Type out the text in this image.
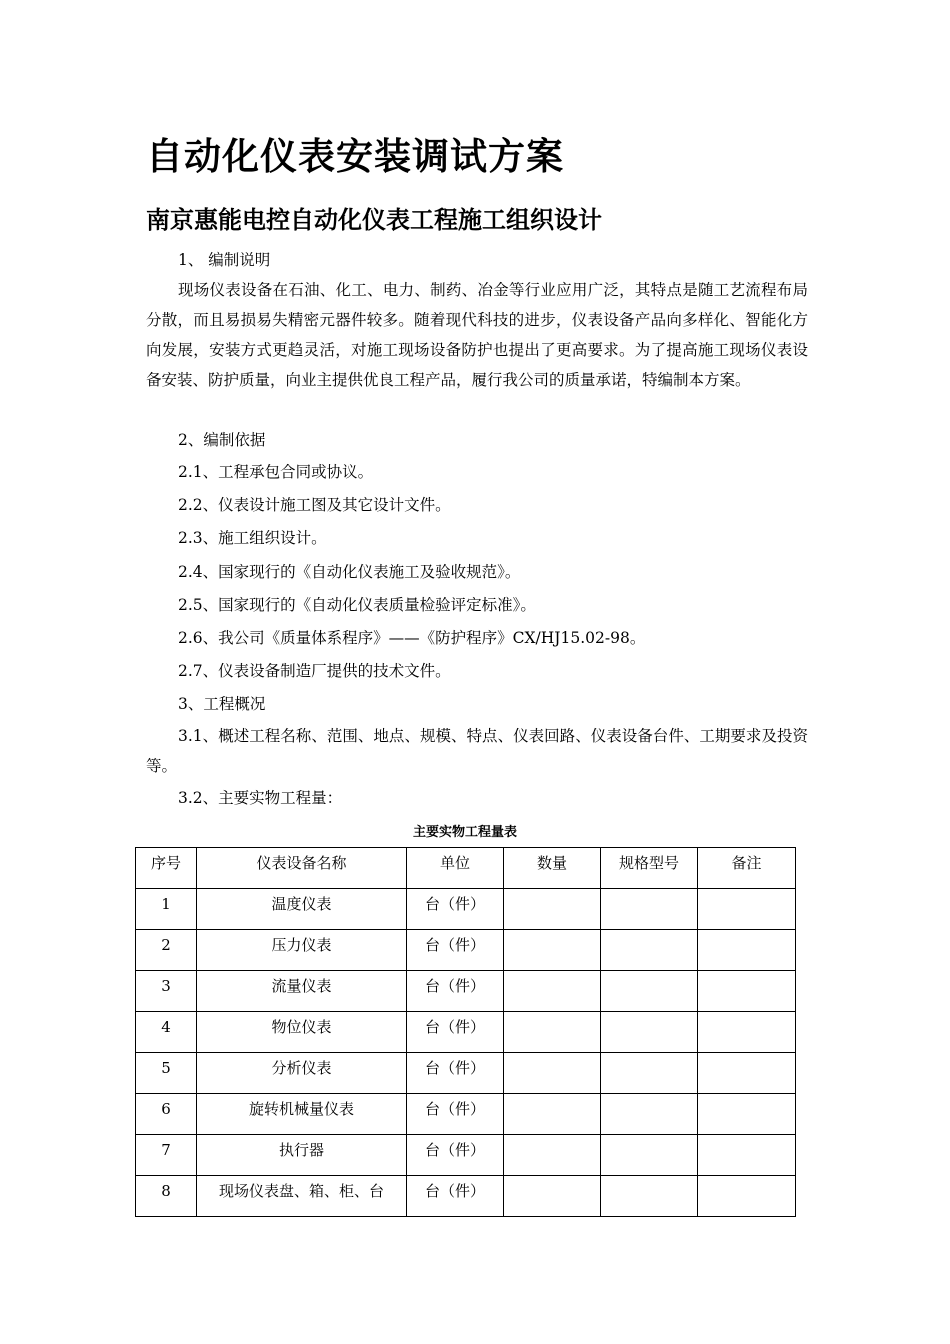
自动化仪表安装调试方案
南京惠能电控自动化仪表工程施工组织设计
1、 编制说明
现场仪表设备在石油、化工、电力、制药、冶金等行业应用广泛，其特点是随工艺流程布局分散，而且易损易失精密元器件较多。随着现代科技的进步，仪表设备产品向多样化、智能化方向发展，安装方式更趋灵活，对施工现场设备防护也提出了更高要求。为了提高施工现场仪表设备安装、防护质量，向业主提供优良工程产品，履行我公司的质量承诺，特编制本方案。
2、编制依据
2.1、工程承包合同或协议。
2.2、仪表设计施工图及其它设计文件。
2.3、施工组织设计。
2.4、国家现行的《自动化仪表施工及验收规范》。
2.5、国家现行的《自动化仪表质量检验评定标准》。
2.6、我公司《质量体系程序》——《防护程序》CX/HJ15.02-98。
2.7、仪表设备制造厂提供的技术文件。
3、工程概况
3.1、概述工程名称、范围、地点、规模、特点、仪表回路、仪表设备台件、工期要求及投资等。
3.2、主要实物工程量：
主要实物工程量表
序号	仪表设备名称	单位	数量	规格型号	备注

1	温度仪表	台（件）			

2	压力仪表	台（件）			

3	流量仪表	台（件）			

4	物位仪表	台（件）			

5	分析仪表	台（件）			

6	旋转机械量仪表	台（件）			

7	执行器	台（件）			

8	现场仪表盘、箱、柜、台	台（件）			
